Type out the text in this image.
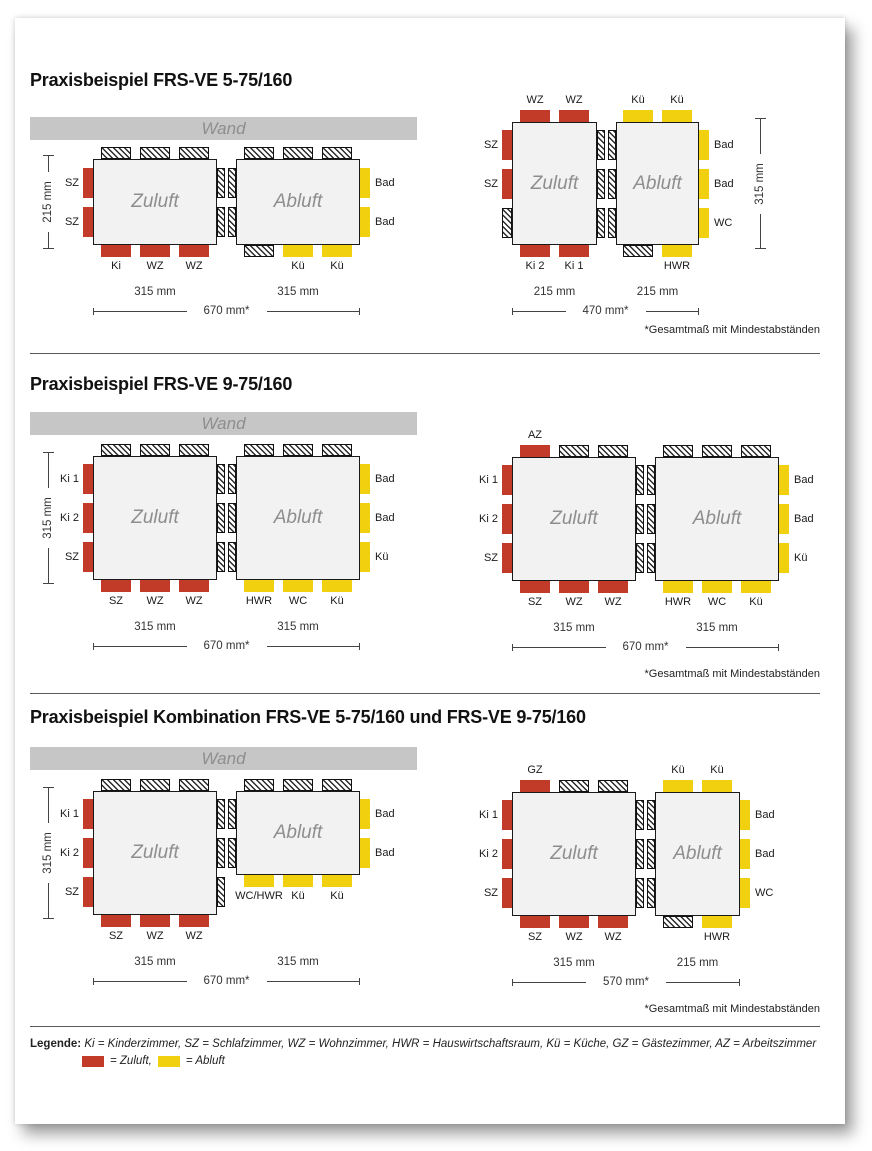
Praxisbeispiel FRS-VE 5-75/160
Wand
Zuluft
Ki	WZ	WZ
SZ
SZ
Abluft
Kü	Kü
Bad
Bad
215 mm
315 mm	315 mm
670 mm*
Zuluft
WZ	WZ
Ki 2	Ki 1
SZ
SZ	Abluft
Kü	Kü
HWR
Bad
Bad
WC
315 mm
215 mm	215 mm
470 mm*
*Gesamtmaß mit Mindestabständen
Praxisbeispiel FRS-VE 9-75/160
Wand
Zuluft
SZ	WZ	WZ
Ki 1
Ki 2
SZ
Abluft
HWR	WC	Kü
Bad
Bad
Kü
315 mm
315 mm	315 mm
670 mm*
Zuluft
AZ
SZ	WZ	WZ
Ki 1
Ki 2
SZ
Abluft
HWR	WC	Kü
Bad
Bad
Kü
315 mm	315 mm
670 mm*
*Gesamtmaß mit Mindestabständen
Praxisbeispiel Kombination FRS-VE 5-75/160 und FRS-VE 9-75/160
Wand
Zuluft
SZ	WZ	WZ
Ki 1
Ki 2
SZ
Abluft
WC/HWR Kü	Kü
Bad
Bad
315 mm
315 mm	315 mm
670 mm*
Zuluft
GZ
SZ	WZ	WZ
Ki 1
Ki 2
SZ
Abluft
Kü	Kü
HWR
Bad
Bad
WC
315 mm	215 mm
570 mm*
*Gesamtmaß mit Mindestabständen
Legende: Ki = Kinderzimmer, SZ = Schlafzimmer, WZ = Wohnzimmer, HWR = Hauswirtschaftsraum, Kü = Küche, GZ = Gästezimmer, AZ = Arbeitszimmer
= Zuluft,	= Abluft
